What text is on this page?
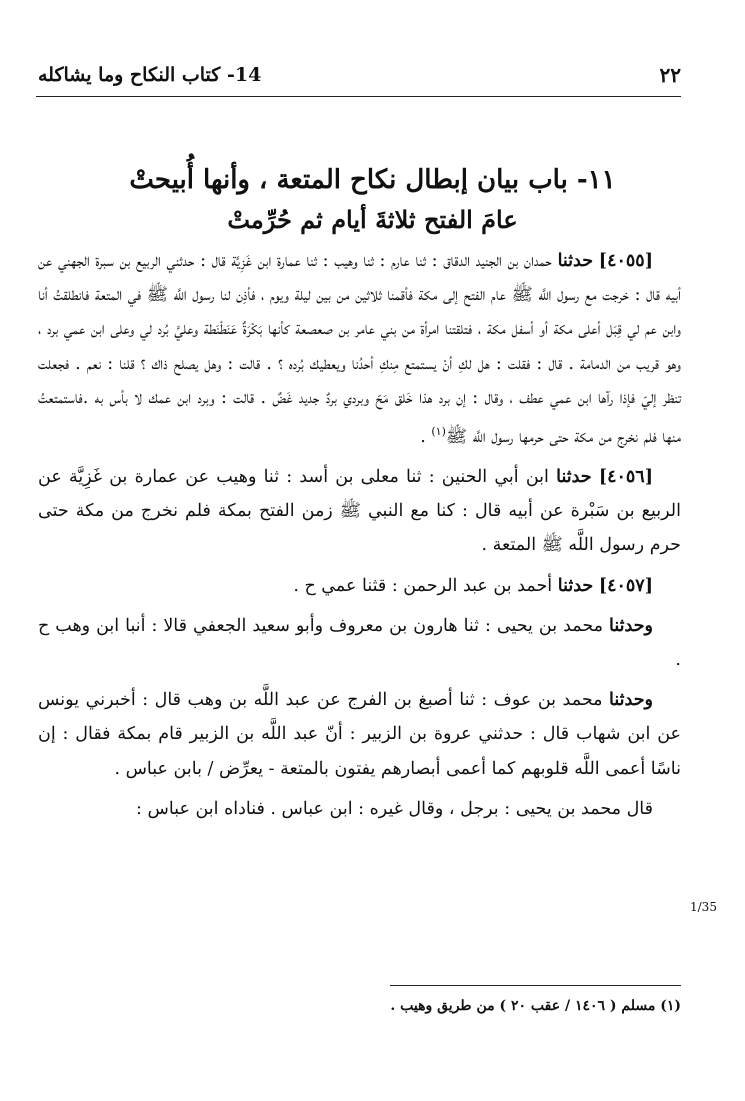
14- كتاب النكاح وما يشاكله	٢٢
١١- باب بيان إبطال نكاح المتعة ، وأنها أُبيحتْ
عامَ الفتح ثلاثةَ أيام ثم حُرِّمتْ

[٤٠٥٥] حدثنا حمدان بن الجنيد الدقاق : ثنا عارم : ثنا وهيب : ثنا عمارة ابن غَزِيَّة قال : حدثني الربيع بن سبرة الجهني عن أبيه قال : خرجت مع رسول اللَّه ﷺ عام الفتح إلى مكة فأقمنا ثلاثين من بين ليلة ويوم ، فأذِن لنا رسول اللَّه ﷺ في المتعة فانطلقتُ أنا وابن عم لي قِبَل أعلى مكة أو أسفل مكة ، فتلقتنا امرأة من بني عامر بن صعصعة كأنها بَكْرَةٌ عَنَطْنَطة وعليَّ بُرد لي وعلى ابن عمي برد ، وهو قريب من الدمامة . قال : فقلت : هل لكِ أنْ يستمتع مِنكِ أحدُنا ويعطيك بُرده ؟ . قالت : وهل يصلح ذاك ؟ قلنا : نعم . فجعلت تنظر إليّ فإذا رآها ابن عمي عطف ، وقال : إن برد هذا خَلق مَحّ وبردي بردٌ جديد غَضٌ . قالت : وبرد ابن عمك لا بأس به .فاستمتعتُ منها فلم نخرج من مكة حتى حرمها رسول اللَّه ﷺ$^{(١)}$ .

[٤٠٥٦] حدثنا ابن أبي الحنين : ثنا معلى بن أسد : ثنا وهيب عن عمارة بن غَزِيَّة عن الربيع بن سَبْرة عن أبيه قال : كنا مع النبي ﷺ زمن الفتح بمكة فلم نخرج من مكة حتى حرم رسول اللَّه ﷺ المتعة .

[٤٠٥٧] حدثنا أحمد بن عبد الرحمن : قثنا عمي ح .

وحدثنا محمد بن يحيى : ثنا هارون بن معروف وأبو سعيد الجعفي قالا : أنبا ابن وهب ح .

وحدثنا محمد بن عوف : ثنا أصبغ بن الفرج عن عبد اللَّه بن وهب قال : أخبرني يونس عن ابن شهاب قال : حدثني عروة بن الزبير : أنّ عبد اللَّه بن الزبير قام بمكة فقال : إن ناسًا أعمى اللَّه قلوبهم كما أعمى أبصارهم يفتون بالمتعة - يعرِّض / بابن عباس .

قال محمد بن يحيى : برجل ، وقال غيره : ابن عباس . فناداه ابن عباس :

1/35
(١) مسلم ( ١٤٠٦ / عقب ٢٠ ) من طريق وهيب .
